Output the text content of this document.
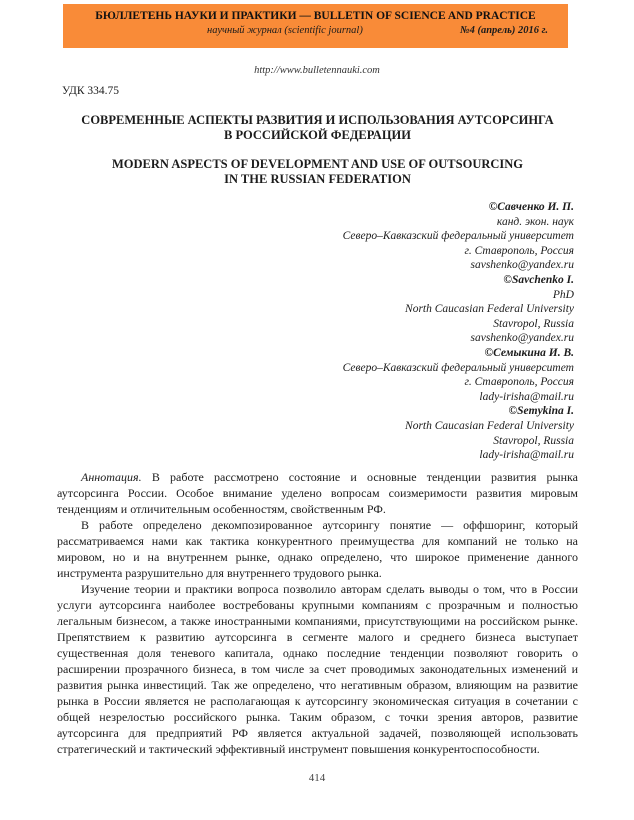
БЮЛЛЕТЕНЬ НАУКИ И ПРАКТИКИ — BULLETIN OF SCIENCE AND PRACTICE
научный журнал (scientific journal)	№4 (апрель) 2016 г.
http://www.bulletennauki.com
УДК 334.75
СОВРЕМЕННЫЕ АСПЕКТЫ РАЗВИТИЯ И ИСПОЛЬЗОВАНИЯ АУТСОРСИНГА
В РОССИЙСКОЙ ФЕДЕРАЦИИ
MODERN ASPECTS OF DEVELOPMENT AND USE OF OUTSOURCING
IN THE RUSSIAN FEDERATION
©Савченко И. П.
канд. экон. наук
Северо–Кавказский федеральный университет
г. Ставрополь, Россия
savshenko@yandex.ru
©Savchenko I.
PhD
North Caucasian Federal University
Stavropol, Russia
savshenko@yandex.ru
©Семыкина И. В.
Северо–Кавказский федеральный университет
г. Ставрополь, Россия
lady-irisha@mail.ru
©Semykina I.
North Caucasian Federal University
Stavropol, Russia
lady-irisha@mail.ru

Аннотация. В работе рассмотрено состояние и основные тенденции развития рынка аутсорсинга России. Особое внимание уделено вопросам соизмеримости развития мировым тенденциям и отличительным особенностям, свойственным РФ.

В работе определено декомпозированное аутсорингу понятие — оффшоринг, который рассматриваемся нами как тактика конкурентного преимущества для компаний не только на мировом, но и на внутреннем рынке, однако определено, что широкое применение данного инструмента разрушительно для внутреннего трудового рынка.

Изучение теории и практики вопроса позволило авторам сделать выводы о том, что в России услуги аутсорсинга наиболее востребованы крупными компаниям с прозрачным и полностью легальным бизнесом, а также иностранными компаниями, присутствующими на российском рынке. Препятствием к развитию аутсорсинга в сегменте малого и среднего бизнеса выступает существенная доля теневого капитала, однако последние тенденции позволяют говорить о расширении прозрачного бизнеса, в том числе за счет проводимых законодательных изменений и развития рынка инвестиций. Так же определено, что негативным образом, влияющим на развитие рынка в России является не располагающая к аутсорсингу экономическая ситуация в сочетании с общей незрелостью российского рынка. Таким образом, с точки зрения авторов, развитие аутсорсинга для предприятий РФ является актуальной задачей, позволяющей использовать стратегический и тактический эффективный инструмент повышения конкурентоспособности.

414
